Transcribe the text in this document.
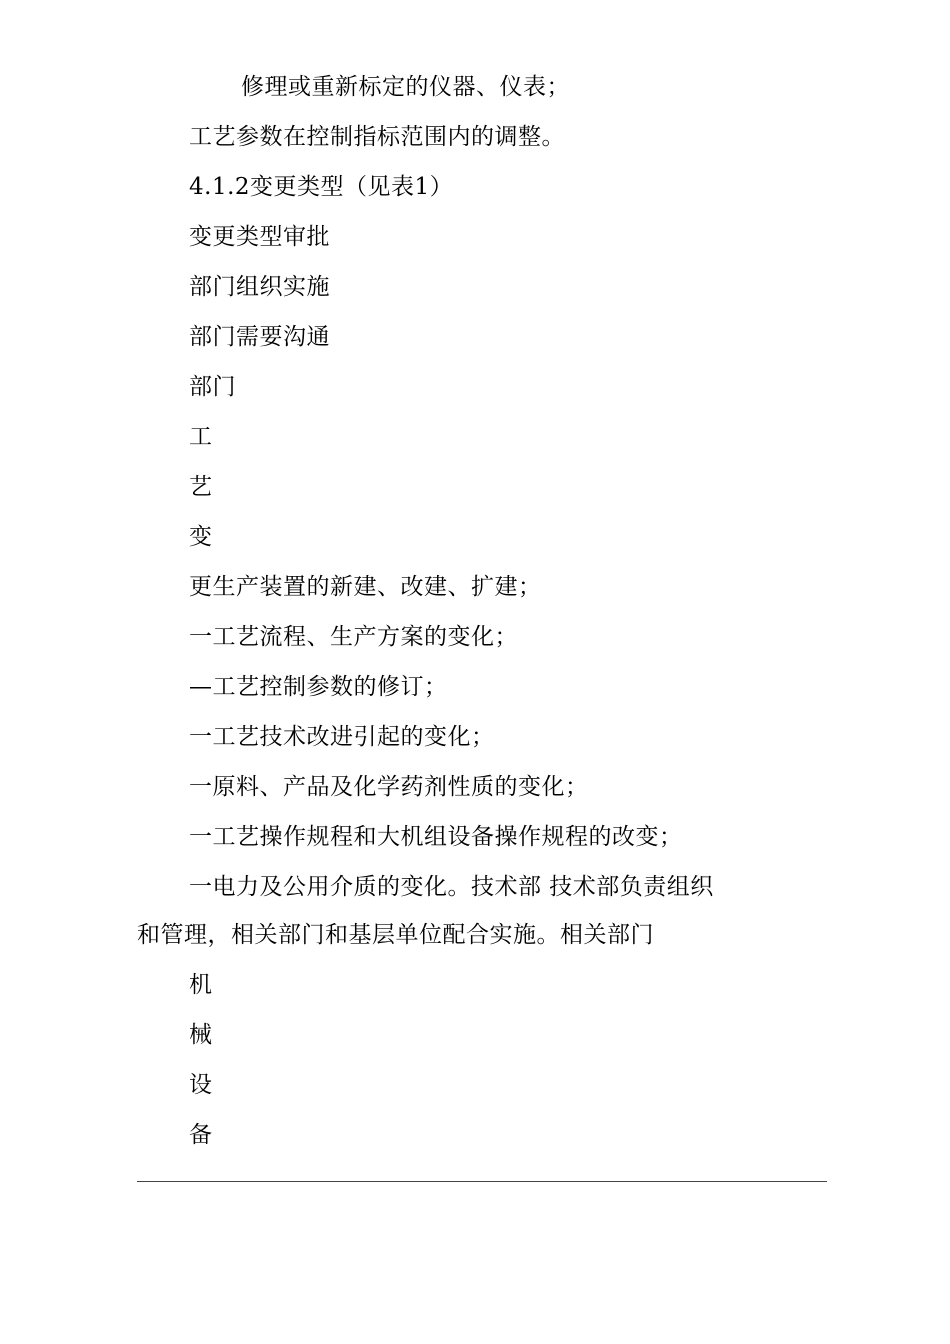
修理或重新标定的仪器、仪表；
工艺参数在控制指标范围内的调整。
4.1.2变更类型（见表1）
变更类型审批
部门组织实施
部门需要沟通
部门
工
艺
变
更生产装置的新建、改建、扩建；
一工艺流程、生产方案的变化；
—工艺控制参数的修订；
一工艺技术改进引起的变化；
一原料、产品及化学药剂性质的变化；
一工艺操作规程和大机组设备操作规程的改变；
一电力及公用介质的变化。技术部 技术部负责组织
和管理，相关部门和基层单位配合实施。相关部门
机
械
设
备
